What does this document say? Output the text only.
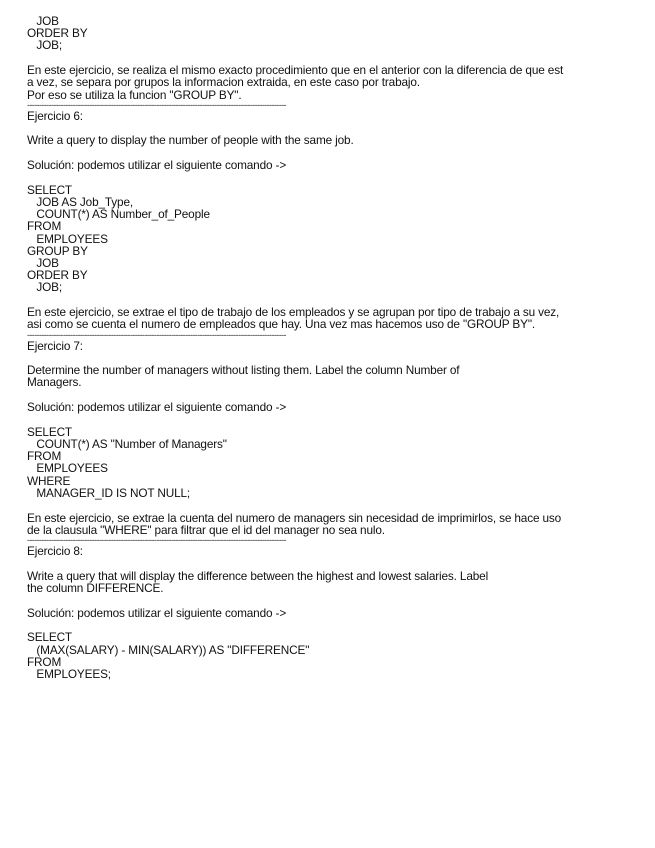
JOB
ORDER BY
JOB;
En este ejercicio, se realiza el mismo exacto procedimiento que en el anterior con la diferencia de que est
a vez, se separa por grupos la informacion extraida, en este caso por trabajo.
Por eso se utiliza la funcion "GROUP BY".
------------------------------------------------------------------------------------------------------------
Ejercicio 6:
Write a query to display the number of people with the same job.
Solución: podemos utilizar el siguiente comando ->
SELECT
JOB AS Job_Type,
COUNT(*) AS Number_of_People
FROM
EMPLOYEES
GROUP BY
JOB
ORDER BY
JOB;
En este ejercicio, se extrae el tipo de trabajo de los empleados y se agrupan por tipo de trabajo a su vez,
asi como se cuenta el numero de empleados que hay. Una vez mas hacemos uso de "GROUP BY".
------------------------------------------------------------------------------------------------------------
Ejercicio 7:
Determine the number of managers without listing them. Label the column Number of
Managers.
Solución: podemos utilizar el siguiente comando ->
SELECT
COUNT(*) AS "Number of Managers"
FROM
EMPLOYEES
WHERE
MANAGER_ID IS NOT NULL;
En este ejercicio, se extrae la cuenta del numero de managers sin necesidad de imprimirlos, se hace uso
de la clausula "WHERE" para filtrar que el id del manager no sea nulo.
------------------------------------------------------------------------------------------------------------
Ejercicio 8:
Write a query that will display the difference between the highest and lowest salaries. Label
the column DIFFERENCE.
Solución: podemos utilizar el siguiente comando ->
SELECT
(MAX(SALARY) - MIN(SALARY)) AS "DIFFERENCE"
FROM
EMPLOYEES;
